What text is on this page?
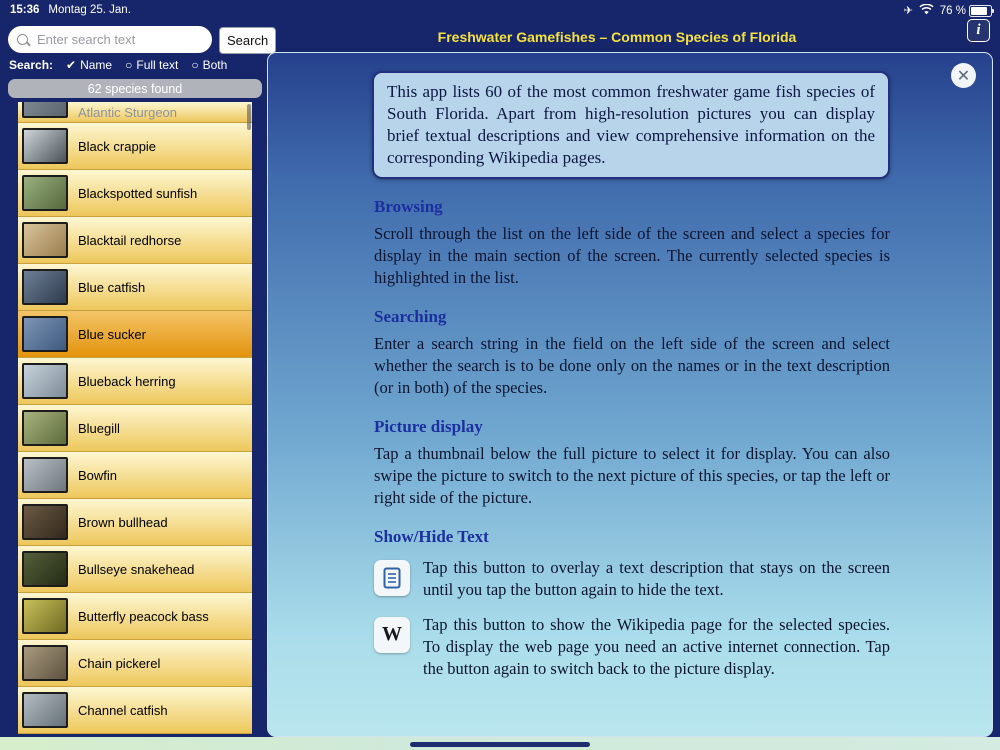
15:36 Montag 25. Jan.	✈ 76 %
Enter search text
Search	Freshwater Gamefishes – Common Species of Florida	i
Search: ✔ Name ○ Full text ○ Both
62 species found
Atlantic Sturgeon
Black crappie
Blackspotted sunfish
Blacktail redhorse
Blue catfish
Blue sucker
Blueback herring
Bluegill
Bowfin
Brown bullhead
Bullseye snakehead
Butterfly peacock bass
Chain pickerel
Channel catfish
✕
This app lists 60 of the most common freshwater game fish species of South Florida. Apart from high-resolution pictures you can display brief textual descriptions and view comprehensive information on the corresponding Wikipedia pages.
Browsing
Scroll through the list on the left side of the screen and select a species for display in the main section of the screen. The currently selected species is highlighted in the list.
Searching
Enter a search string in the field on the left side of the screen and select whether the search is to be done only on the names or in the text description (or in both) of the species.
Picture display
Tap a thumbnail below the full picture to select it for display. You can also swipe the picture to switch to the next picture of this species, or tap the left or right side of the picture.
Show/Hide Text
Tap this button to overlay a text description that stays on the screen until you tap the button again to hide the text.
W Tap this button to show the Wikipedia page for the selected species. To display the web page you need an active internet connection. Tap the button again to switch back to the picture display.
